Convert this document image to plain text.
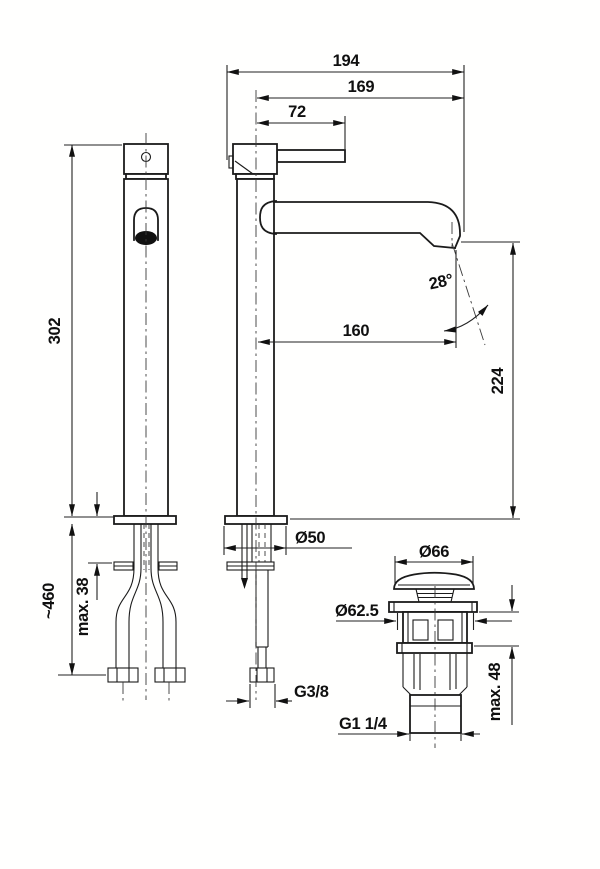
194
169
72
302
28°
160
224
Ø50
~460 max. 38
G3/8
Ø66
Ø62.5
max. 48
G1 1/4
